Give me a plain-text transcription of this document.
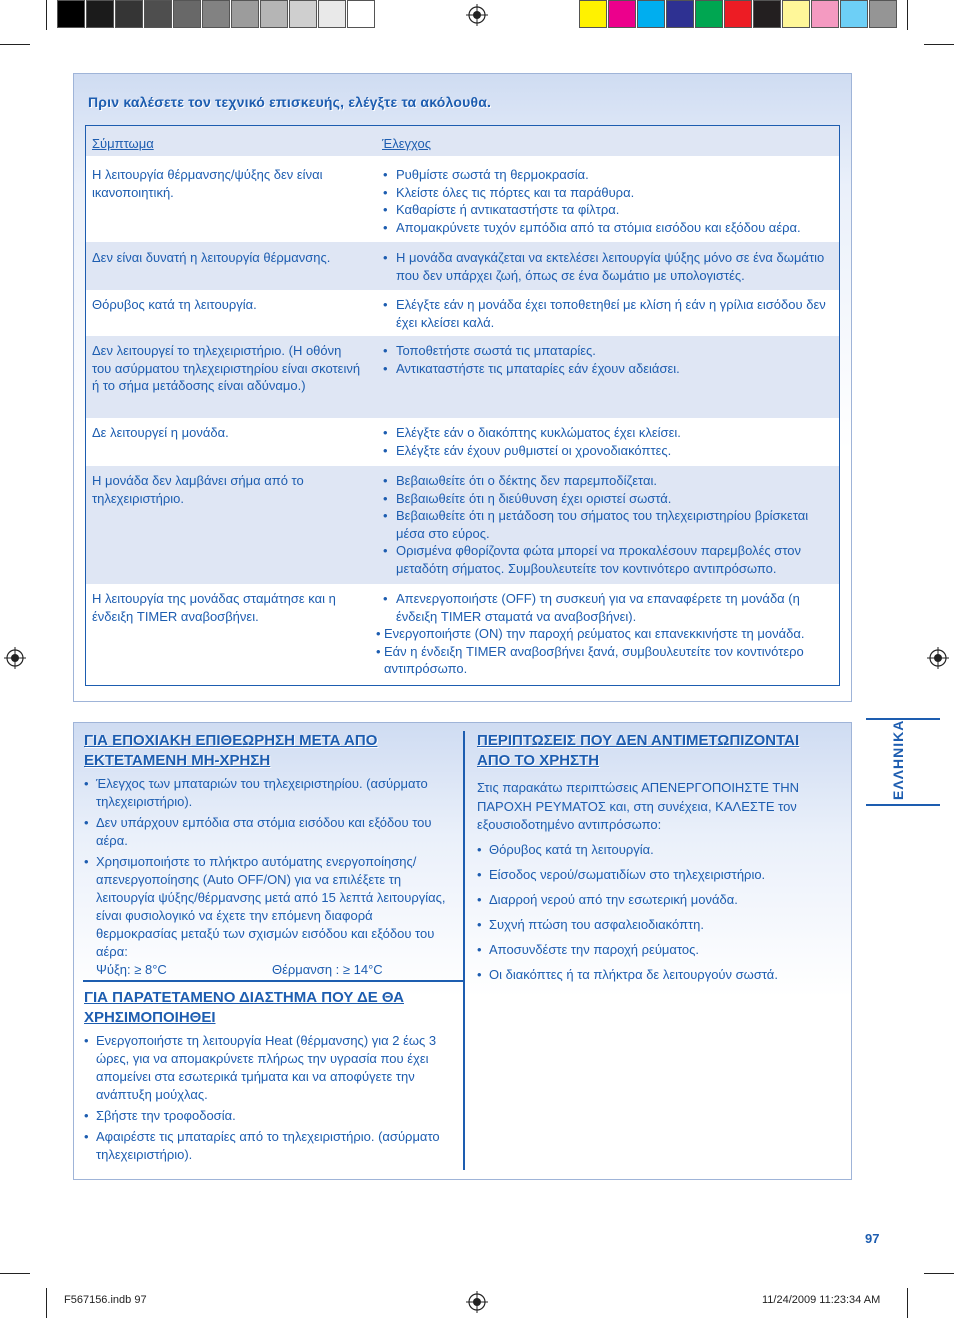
Πριν καλέσετε τον τεχνικό επισκευής, ελέγξτε τα ακόλουθα.
Σύμπτωμα	Έλεγχος
Η λειτουργία θέρμανσης/ψύξης δεν είναι ικανοποιητική.
• Ρυθμίστε σωστά τη θερμοκρασία.
• Κλείστε όλες τις πόρτες και τα παράθυρα.
• Καθαρίστε ή αντικαταστήστε τα φίλτρα.
• Απομακρύνετε τυχόν εμπόδια από τα στόμια εισόδου και εξόδου αέρα.
Δεν είναι δυνατή η λειτουργία θέρμανσης.	• Η μονάδα αναγκάζεται να εκτελέσει λειτουργία ψύξης μόνο σε ένα δωμάτιο που δεν υπάρχει ζωή, όπως σε ένα δωμάτιο με υπολογιστές.
Θόρυβος κατά τη λειτουργία.	• Ελέγξτε εάν η μονάδα έχει τοποθετηθεί με κλίση ή εάν η γρίλια εισόδου δεν έχει κλείσει καλά.
Δεν λειτουργεί το τηλεχειριστήριο. (Η οθόνη του ασύρματου τηλεχειριστηρίου είναι σκοτεινή ή το σήμα μετάδοσης είναι αδύναμο.)
• Τοποθετήστε σωστά τις μπαταρίες.
• Αντικαταστήστε τις μπαταρίες εάν έχουν αδειάσει.
Δε λειτουργεί η μονάδα.	• Ελέγξτε εάν ο διακόπτης κυκλώματος έχει κλείσει.
• Ελέγξτε εάν έχουν ρυθμιστεί οι χρονοδιακόπτες.
Η μονάδα δεν λαμβάνει σήμα από το τηλεχειριστήριο.
• Βεβαιωθείτε ότι ο δέκτης δεν παρεμποδίζεται.
• Βεβαιωθείτε ότι η διεύθυνση έχει οριστεί σωστά.
• Βεβαιωθείτε ότι η μετάδοση του σήματος του τηλεχειριστηρίου βρίσκεται μέσα στο εύρος.
• Ορισμένα φθορίζοντα φώτα μπορεί να προκαλέσουν παρεμβολές στον μεταδότη σήματος. Συμβουλευτείτε τον κοντινότερο αντιπρόσωπο.
Η λειτουργία της μονάδας σταμάτησε και η ένδειξη TIMER αναβοσβήνει.
• Απενεργοποιήστε (OFF) τη συσκευή για να επαναφέρετε τη μονάδα (η ένδειξη TIMER σταματά να αναβοσβήνει).
• Ενεργοποιήστε (ON) την παροχή ρεύματος και επανεκκινήστε τη μονάδα.
• Εάν η ένδειξη TIMER αναβοσβήνει ξανά, συμβουλευτείτε τον κοντινότερο αντιπρόσωπο.
ΓΙΑ ΕΠΟΧΙΑΚΗ ΕΠΙΘΕΩΡΗΣΗ ΜΕΤΑ ΑΠΟ ΕΚΤΕΤΑΜΕΝΗ ΜΗ-ΧΡΗΣΗ
• Έλεγχος των μπαταριών του τηλεχειριστηρίου. (ασύρματο τηλεχειριστήριο).
• Δεν υπάρχουν εμπόδια στα στόμια εισόδου και εξόδου του αέρα.
• Χρησιμοποιήστε το πλήκτρο αυτόματης ενεργοποίησης/απενεργοποίησης (Auto OFF/ON) για να επιλέξετε τη λειτουργία ψύξης/θέρμανσης μετά από 15 λεπτά λειτουργίας, είναι φυσιολογικό να έχετε την επόμενη διαφορά θερμοκρασίας μεταξύ των σχισμών εισόδου και εξόδου του αέρα:
Ψύξη: ≥ 8°C	Θέρμανση : ≥ 14°C
ΓΙΑ ΠΑΡΑΤΕΤΑΜΕΝΟ ΔΙΑΣΤΗΜΑ ΠΟΥ ΔΕ ΘΑ ΧΡΗΣΙΜΟΠΟΙΗΘΕΙ
• Ενεργοποιήστε τη λειτουργία Heat (θέρμανσης) για 2 έως 3 ώρες, για να απομακρύνετε πλήρως την υγρασία που έχει απομείνει στα εσωτερικά τμήματα και να αποφύγετε την ανάπτυξη μούχλας.
• Σβήστε την τροφοδοσία.
• Αφαιρέστε τις μπαταρίες από το τηλεχειριστήριο. (ασύρματο τηλεχειριστήριο).
ΠΕΡΙΠΤΩΣΕΙΣ ΠΟΥ ΔΕΝ ΑΝΤΙΜΕΤΩΠΙΖΟΝΤΑΙ ΑΠΟ ΤΟ ΧΡΗΣΤΗ
Στις παρακάτω περιπτώσεις ΑΠΕΝΕΡΓΟΠΟΙΗΣΤΕ ΤΗΝ ΠΑΡΟΧΗ ΡΕΥΜΑΤΟΣ και, στη συνέχεια, ΚΑΛΕΣΤΕ τον εξουσιοδοτημένο αντιπρόσωπο:
• Θόρυβος κατά τη λειτουργία.
• Είσοδος νερού/σωματιδίων στο τηλεχειριστήριο.
• Διαρροή νερού από την εσωτερική μονάδα.
• Συχνή πτώση του ασφαλειοδιακόπτη.
• Αποσυνδέστε την παροχή ρεύματος.
• Οι διακόπτες ή τα πλήκτρα δε λειτουργούν σωστά.
ΕΛΛΗΝΙΚΑ
97
F567156.indb 97	11/24/2009 11:23:34 AM
